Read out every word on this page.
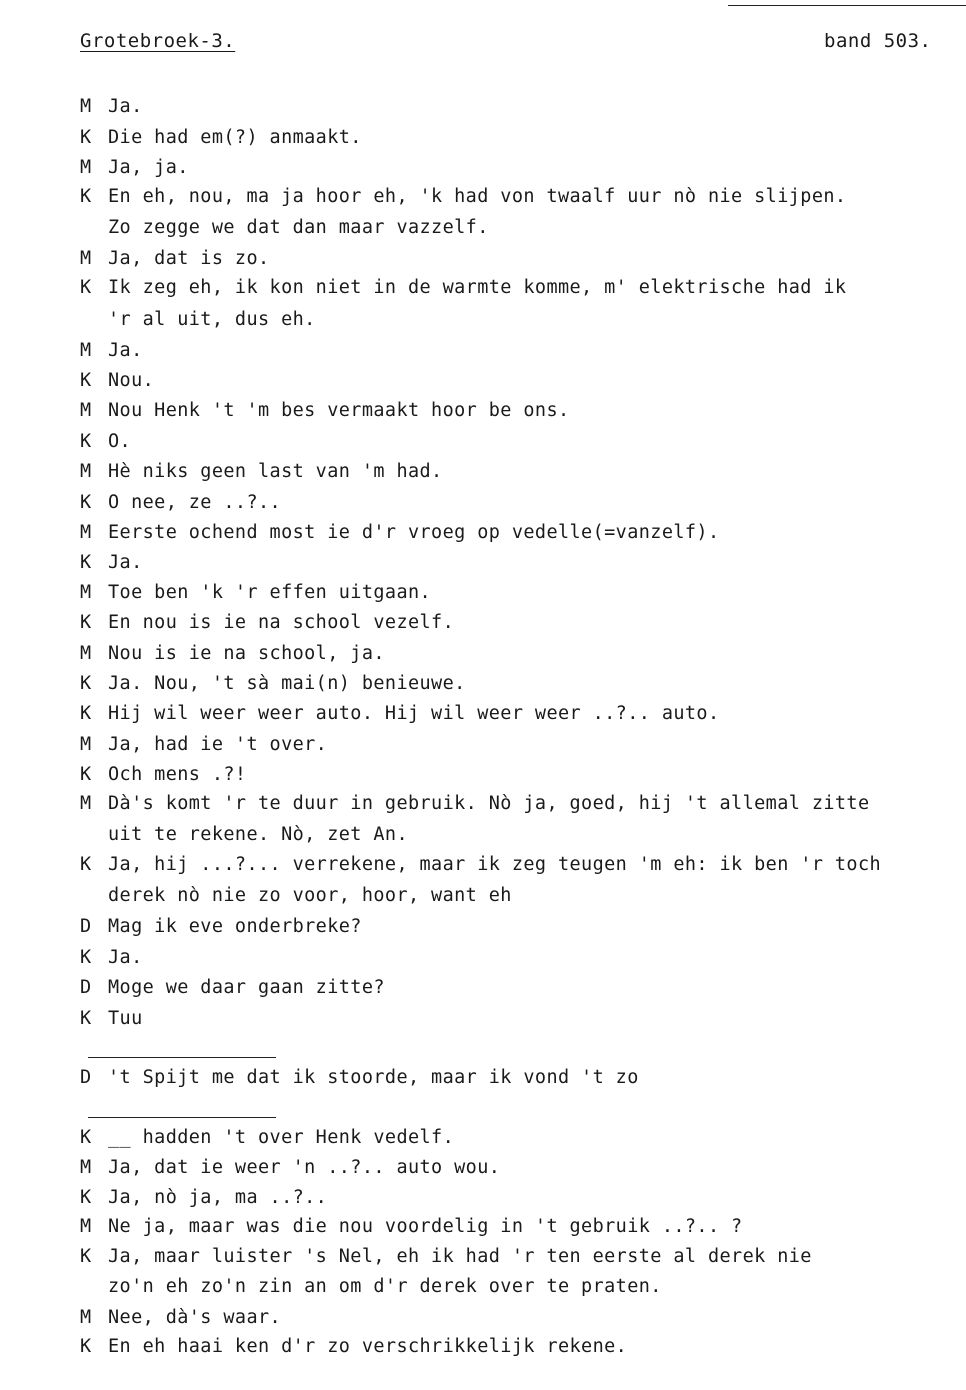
Grotebroek-3.	band 503.
M Ja.
K Die had em(?) anmaakt.
M Ja, ja.
K En eh, nou, ma ja hoor eh, 'k had von twaalf uur nò nie slijpen.
Zo zegge we dat dan maar vazzelf.
M Ja, dat is zo.
K Ik zeg eh, ik kon niet in de warmte komme, m' elektrische had ik
'r al uit, dus eh.
M Ja.
K Nou.
M Nou Henk 't 'm bes vermaakt hoor be ons.
K O.
M Hè niks geen last van 'm had.
K O nee, ze ..?..
M Eerste ochend most ie d'r vroeg op vedelle(=vanzelf).
K Ja.
M Toe ben 'k 'r effen uitgaan.
K En nou is ie na school vezelf.
M Nou is ie na school, ja.
K Ja. Nou, 't sà mai(n) benieuwe.
K Hij wil weer weer auto. Hij wil weer weer ..?.. auto.
M Ja, had ie 't over.
K Och mens .?!
M Dà's komt 'r te duur in gebruik. Nò ja, goed, hij 't allemal zitte
uit te rekene. Nò, zet An.
K Ja, hij ...?... verrekene, maar ik zeg teugen 'm eh: ik ben 'r toch
derek nò nie zo voor, hoor, want eh
D Mag ik eve onderbreke?
K Ja.
D Moge we daar gaan zitte?
K Tuu
D 't Spijt me dat ik stoorde, maar ik vond 't zo
K __ hadden 't over Henk vedelf.
M Ja, dat ie weer 'n ..?.. auto wou.
K Ja, nò ja, ma ..?..
M Ne ja, maar was die nou voordelig in 't gebruik ..?.. ?
K Ja, maar luister 's Nel, eh ik had 'r ten eerste al derek nie
zo'n eh zo'n zin an om d'r derek over te praten.
M Nee, dà's waar.
K En eh haai ken d'r zo verschrikkelijk rekene.
